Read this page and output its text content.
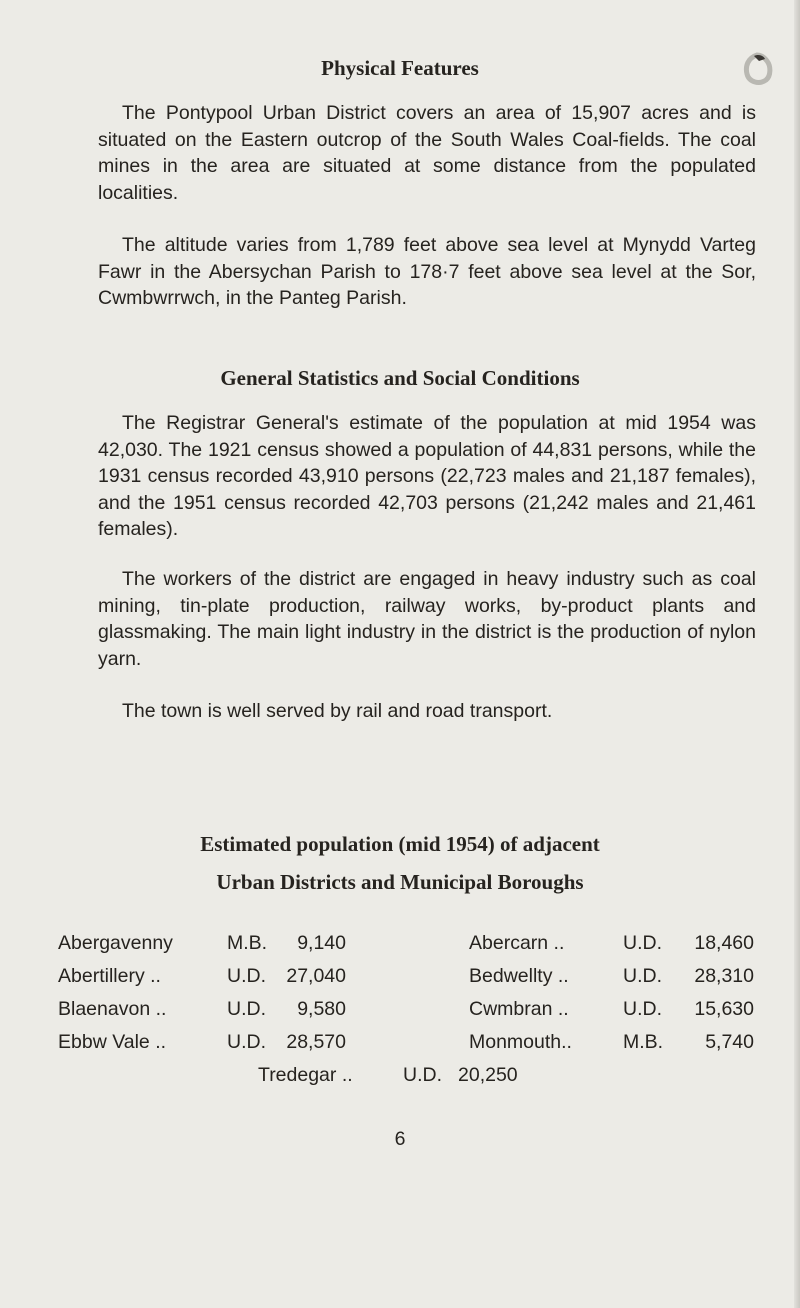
Physical Features

The Pontypool Urban District covers an area of 15,907 acres and is situated on the Eastern outcrop of the South Wales Coal-fields. The coal mines in the area are situated at some distance from the populated localities.

The altitude varies from 1,789 feet above sea level at Mynydd Varteg Fawr in the Abersychan Parish to 178·7 feet above sea level at the Sor, Cwmbwrrwch, in the Panteg Parish.

General Statistics and Social Conditions

The Registrar General's estimate of the population at mid 1954 was 42,030. The 1921 census showed a population of 44,831 persons, while the 1931 census recorded 43,910 persons (22,723 males and 21,187 females), and the 1951 census recorded 42,703 persons (21,242 males and 21,461 females).

The workers of the district are engaged in heavy industry such as coal mining, tin-plate production, railway works, by-product plants and glassmaking. The main light industry in the district is the production of nylon yarn.

The town is well served by rail and road transport.

Estimated population (mid 1954) of adjacent
Urban Districts and Municipal Boroughs
Abergavenny	M.B.	9,140	Abercarn ..	U.D.	18,460
Abertillery ..	U.D.	27,040	Bedwellty ..	U.D.	28,310
Blaenavon ..	U.D.	9,580	Cwmbran ..	U.D.	15,630
Ebbw Vale ..	U.D.	28,570	Monmouth..	M.B.	5,740
Tredegar ..	U.D. 20,250
6
